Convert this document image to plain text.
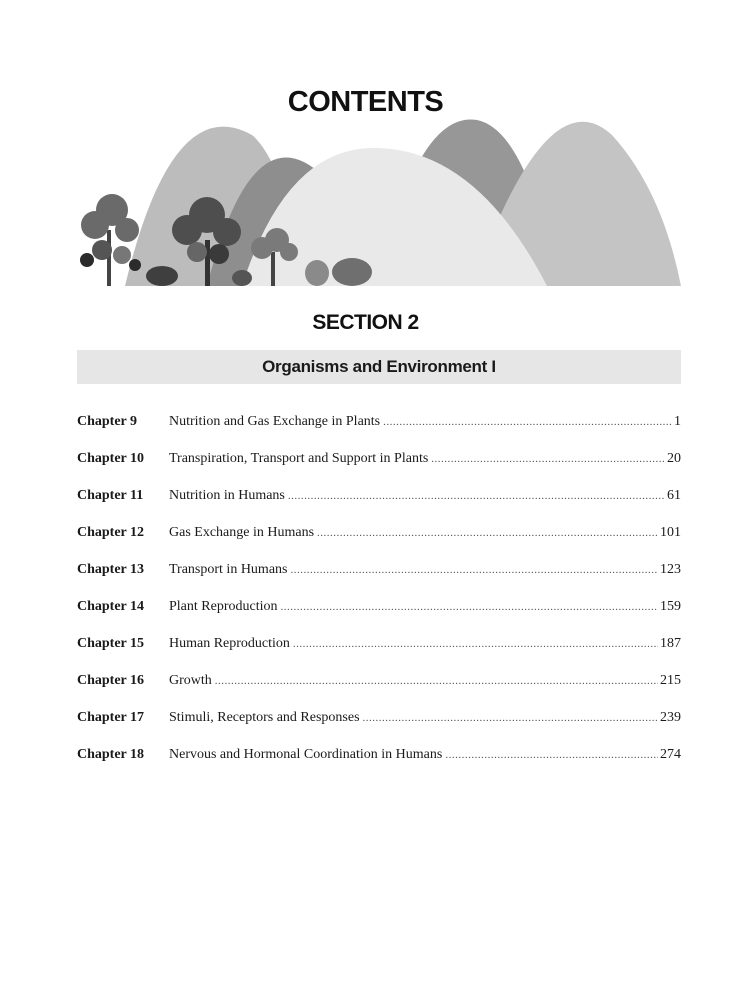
CONTENTS
SECTION 2
Organisms and Environment I
Chapter 9	Nutrition and Gas Exchange in Plants .....	1
Chapter 10	Transpiration, Transport and Support in Plants .....	20
Chapter 11	Nutrition in Humans .....	61
Chapter 12	Gas Exchange in Humans .....	101
Chapter 13	Transport in Humans .....	123
Chapter 14	Plant Reproduction .....	159
Chapter 15	Human Reproduction .....	187
Chapter 16	Growth .....	215
Chapter 17	Stimuli, Receptors and Responses .....	239
Chapter 18	Nervous and Hormonal Coordination in Humans .....	274
